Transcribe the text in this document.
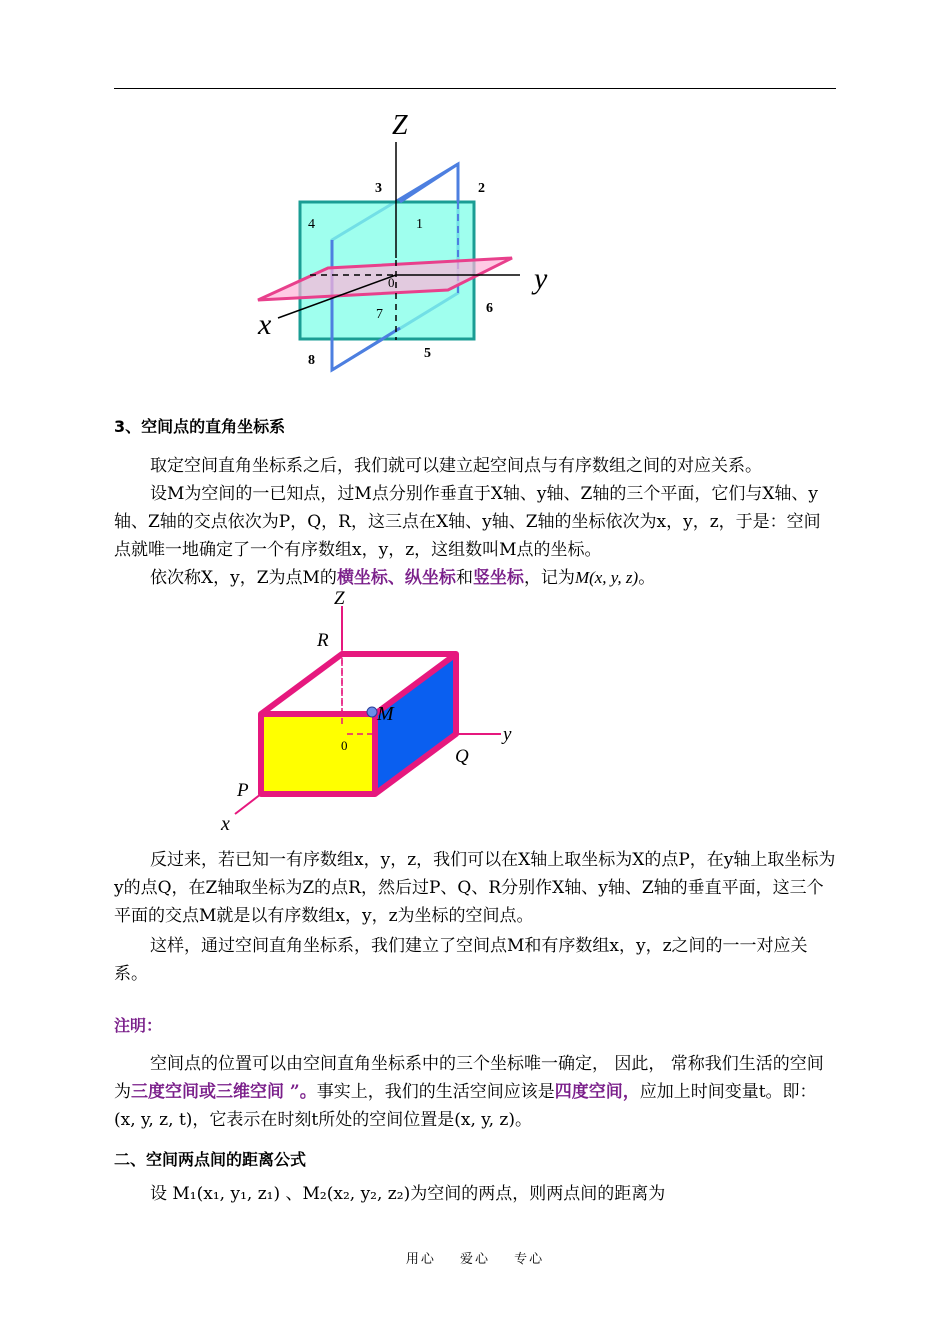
Z
y
x
0
1
2
3
4
5
6
7
8

3、空间点的直角坐标系

取定空间直角坐标系之后，我们就可以建立起空间点与有序数组之间的对应关系。

设M为空间的一已知点，过M点分别作垂直于X轴、y轴、Z轴的三个平面，它们与X轴、y轴、Z轴的交点依次为P，Q，R，这三点在X轴、y轴、Z轴的坐标依次为x，y，z，于是：空间点就唯一地确定了一个有序数组x，y，z，这组数叫M点的坐标。

依次称X，y，Z为点M的横坐标、纵坐标和竖坐标，记为M(x, y, z)。

Z
R
M
0
y
Q
P
x

反过来，若已知一有序数组x，y，z，我们可以在X轴上取坐标为X的点P，在y轴上取坐标为y的点Q，在Z轴取坐标为Z的点R，然后过P、Q、R分别作X轴、y轴、Z轴的垂直平面，这三个平面的交点M就是以有序数组x，y，z为坐标的空间点。

这样，通过空间直角坐标系，我们建立了空间点M和有序数组x，y，z之间的一一对应关系。

注明：

空间点的位置可以由空间直角坐标系中的三个坐标唯一确定， 因此， 常称我们生活的空间为三度空间或三维空间 ”。事实上，我们的生活空间应该是四度空间，应加上时间变量t。即：(x, y, z, t)，它表示在时刻t所处的空间位置是(x, y, z)。

二、空间两点间的距离公式

设 M₁(x₁, y₁, z₁) 、M₂(x₂, y₂, z₂)为空间的两点，则两点间的距离为

用心 爱心 专心
